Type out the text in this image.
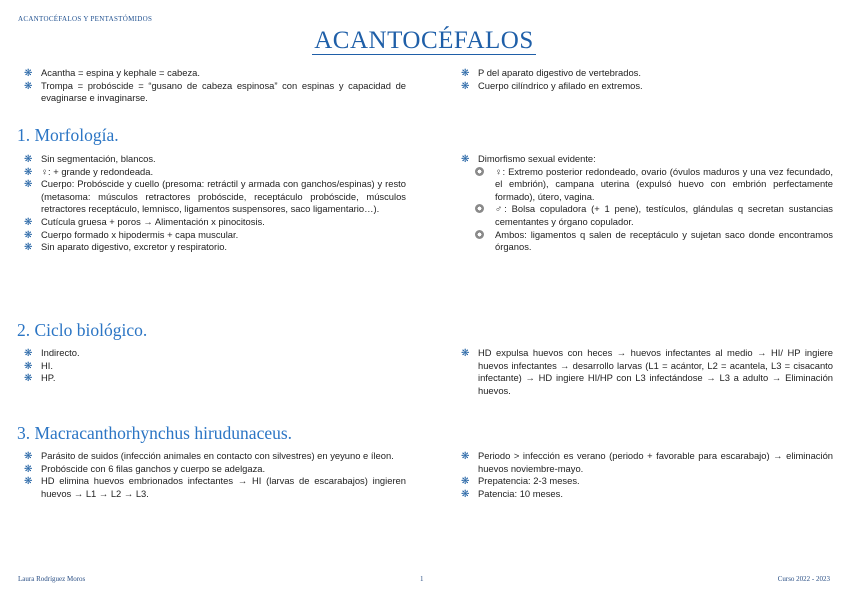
ACANTOCÉFALOS Y PENTASTÓMIDOS
ACANTOCÉFALOS
❋ Acantha = espina y kephale = cabeza.
❋ Trompa = probóscide = “gusano de cabeza espinosa” con espinas y capacidad de evaginarse e invaginarse.
❋ P del aparato digestivo de vertebrados.
❋ Cuerpo cilíndrico y afilado en extremos.
1. Morfología.
❋ Sin segmentación, blancos.
❋ ♀: + grande y redondeada.
❋ Cuerpo: Probóscide y cuello (presoma: retráctil y armada con ganchos/espinas) y resto (metasoma: músculos retractores probóscide, receptáculo probóscide, músculos retractores receptáculo, lemnisco, ligamentos suspensores, saco ligamentario…).
❋ Cutícula gruesa + poros → Alimentación x pinocitosis.
❋ Cuerpo formado x hipodermis + capa muscular.
❋ Sin aparato digestivo, excretor y respiratorio.
❋ Dimorfismo sexual evidente:
♀: Extremo posterior redondeado, ovario (óvulos maduros y una vez fecundado, el embrión), campana uterina (expulsó huevo con embrión perfectamente formado), útero, vagina.
♂: Bolsa copuladora (+ 1 pene), testículos, glándulas q secretan sustancias cementantes y órgano copulador.
Ambos: ligamentos q salen de receptáculo y sujetan saco donde encontramos órganos.
2. Ciclo biológico.
❋ Indirecto.
❋ HI.
❋ HP.
❋ HD expulsa huevos con heces → huevos infectantes al medio → HI/ HP ingiere huevos infectantes → desarrollo larvas (L1 = acántor, L2 = acantela, L3 = cisacanto infectante) → HD ingiere HI/HP con L3 infectándose → L3 a adulto → Eliminación huevos.
3. Macracanthorhynchus hirudunaceus.
❋ Parásito de suidos (infección animales en contacto con silvestres) en yeyuno e íleon.
❋ Probóscide con 6 filas ganchos y cuerpo se adelgaza.
❋ HD elimina huevos embrionados infectantes → HI (larvas de escarabajos) ingieren huevos → L1 → L2 → L3.
❋ Periodo > infección es verano (periodo + favorable para escarabajo) → eliminación huevos noviembre-mayo.
❋ Prepatencia: 2-3 meses.
❋ Patencia: 10 meses.
Laura Rodríguez Moros	1	Curso 2022 - 2023
